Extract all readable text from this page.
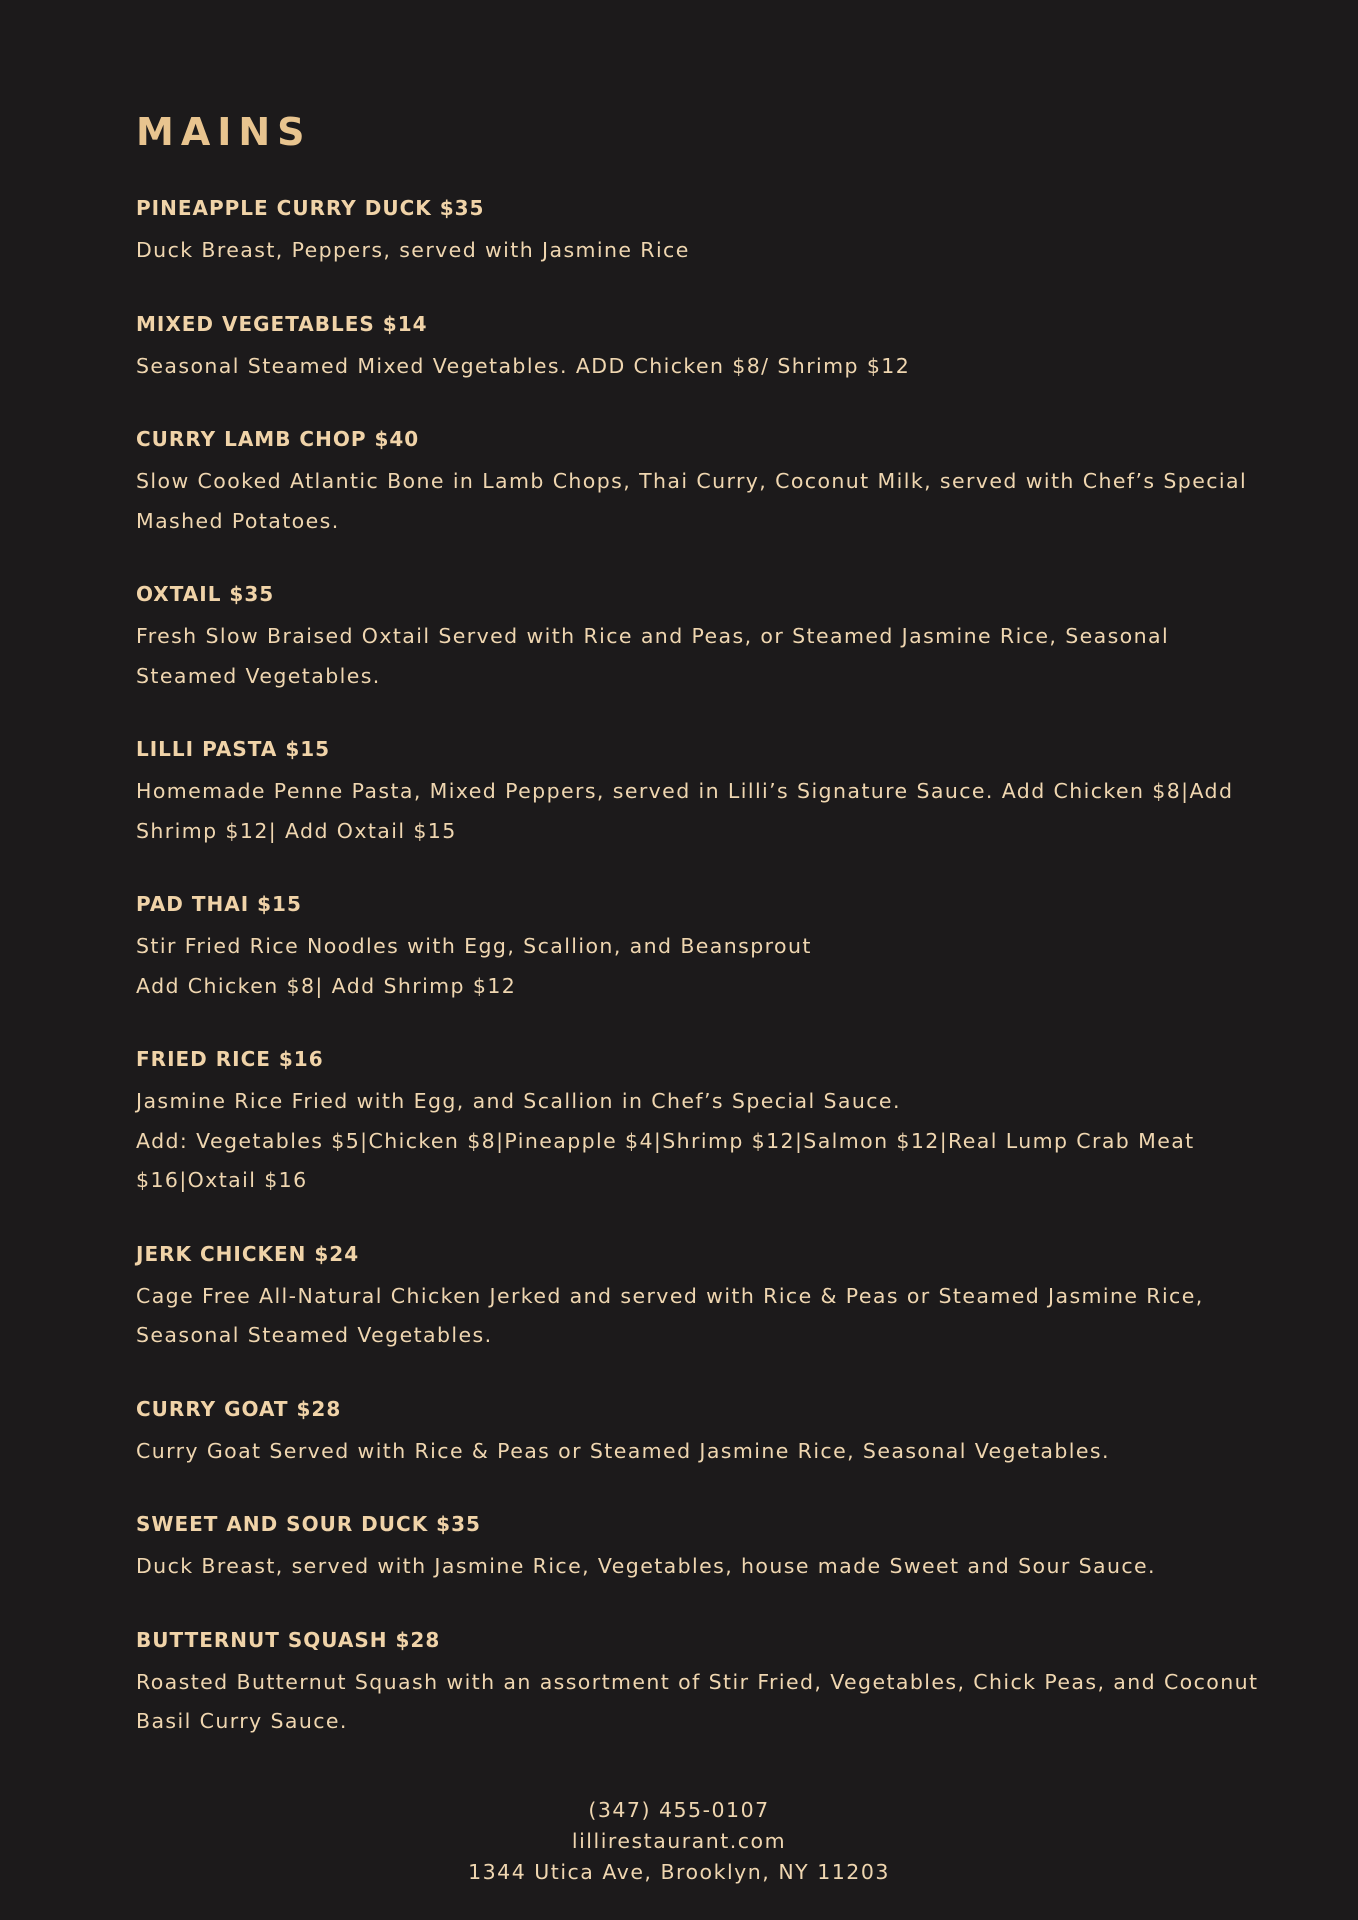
MAINS
PINEAPPLE CURRY DUCK $35
Duck Breast, Peppers, served with Jasmine Rice
MIXED VEGETABLES $14
Seasonal Steamed Mixed Vegetables. ADD Chicken $8/ Shrimp $12
CURRY LAMB CHOP $40
Slow Cooked Atlantic Bone in Lamb Chops, Thai Curry, Coconut Milk, served with Chef’s Special Mashed Potatoes.
OXTAIL $35
Fresh Slow Braised Oxtail Served with Rice and Peas, or Steamed Jasmine Rice, Seasonal Steamed Vegetables.
LILLI PASTA $15
Homemade Penne Pasta, Mixed Peppers, served in Lilli’s Signature Sauce. Add Chicken $8|Add Shrimp $12| Add Oxtail $15
PAD THAI $15
Stir Fried Rice Noodles with Egg, Scallion, and Beansprout
Add Chicken $8| Add Shrimp $12
FRIED RICE $16
Jasmine Rice Fried with Egg, and Scallion in Chef’s Special Sauce.
Add: Vegetables $5|Chicken $8|Pineapple $4|Shrimp $12|Salmon $12|Real Lump Crab Meat $16|Oxtail $16
JERK CHICKEN $24
Cage Free All-Natural Chicken Jerked and served with Rice & Peas or Steamed Jasmine Rice, Seasonal Steamed Vegetables.
CURRY GOAT $28
Curry Goat Served with Rice & Peas or Steamed Jasmine Rice, Seasonal Vegetables.
SWEET AND SOUR DUCK $35
Duck Breast, served with Jasmine Rice, Vegetables, house made Sweet and Sour Sauce.
BUTTERNUT SQUASH $28
Roasted Butternut Squash with an assortment of Stir Fried, Vegetables, Chick Peas, and Coconut Basil Curry Sauce.
(347) 455-0107
lillirestaurant.com
1344 Utica Ave, Brooklyn, NY 11203
